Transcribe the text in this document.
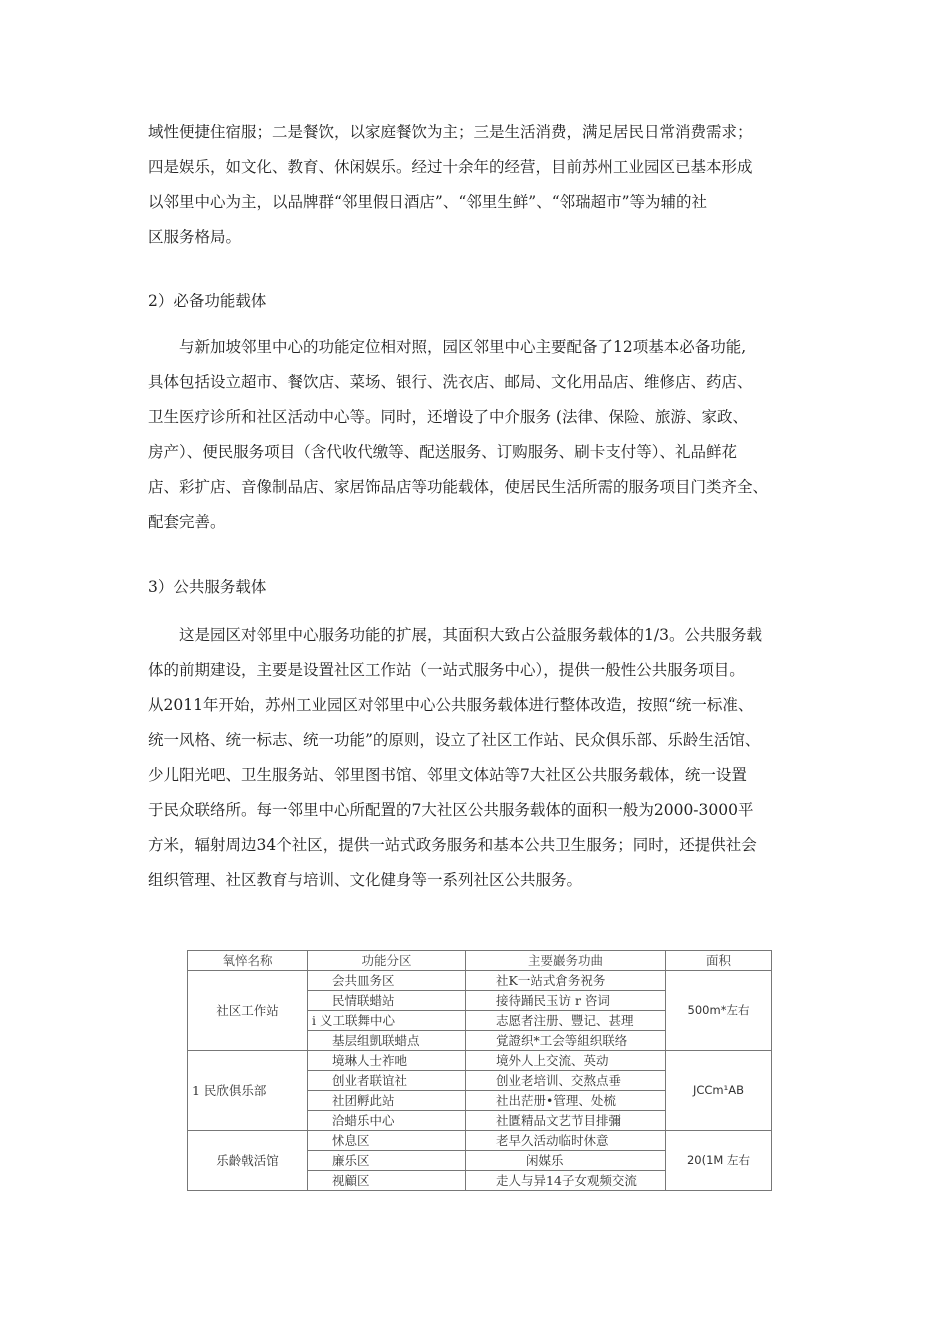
域性便捷住宿服；二是餐饮，以家庭餐饮为主；三是生活消费，满足居民日常消费需求；
四是娱乐，如文化、教育、休闲娱乐。经过十余年的经营，目前苏州工业园区已基本形成
以邻里中心为主，以品牌群“邻里假日酒店”、“邻里生鲜”、“邻瑞超市”等为辅的社
区服务格局。
2）必备功能载体
与新加坡邻里中心的功能定位相对照，园区邻里中心主要配备了12项基本必备功能,
具体包括设立超市、餐饮店、菜场、银行、洗衣店、邮局、文化用品店、维修店、药店、
卫生医疗诊所和社区活动中心等。同时，还增设了中介服务 (法律、保险、旅游、家政、
房产）、便民服务项目（含代收代缴等、配送服务、订购服务、刷卡支付等）、礼品鲜花
店、彩扩店、音像制品店、家居饰品店等功能载体，使居民生活所需的服务项目门类齐全、
配套完善。
3）公共服务载体
这是园区对邻里中心服务功能的扩展，其面积大致占公益服务载体的1/3。公共服务载
体的前期建设，主要是设置社区工作站（一站式服务中心），提供一般性公共服务项目。
从2011年开始，苏州工业园区对邻里中心公共服务载体进行整体改造，按照“统一标准、
统一风格、统一标志、统一功能”的原则，设立了社区工作站、民众俱乐部、乐龄生活馆、
少儿阳光吧、卫生服务站、邻里图书馆、邻里文体站等7大社区公共服务载体，统一设置
于民众联络所。每一邻里中心所配置的7大社区公共服务载体的面积一般为2000-3000平
方米，辐射周边34个社区，提供一站式政务服务和基本公共卫生服务；同时，还提供社会
组织管理、社区教育与培训、文化健身等一系列社区公共服务。
氧悴名称	功能分区	主要巖务功曲	面积
社区工作站	会共皿务区	社K一站式倉务祝务	500m*左右
	民情联蜡站	接待踊民玉访 r 咨词	
	i 义工联舞中心	志愿者注册、豐记、甚理	
	基层组凱联蜡点	覚證织*工会等組织联络	
1 民欣俱乐部	境琳人士祚吔	境外人上交流、英动	JCCm¹AB
	创业者联谊社	创业老培训、交熬点垂	
	社团孵此站	社出茫册•管理、处梳	
	洽蜡乐中心	社匱精品文艺节目排彌	
乐齡戟活馆	怵息区	老早久活动临时休意	20(1M 左右
	廉乐区	闲媒乐	
	视顧区	走人与异14子女观频交流	
